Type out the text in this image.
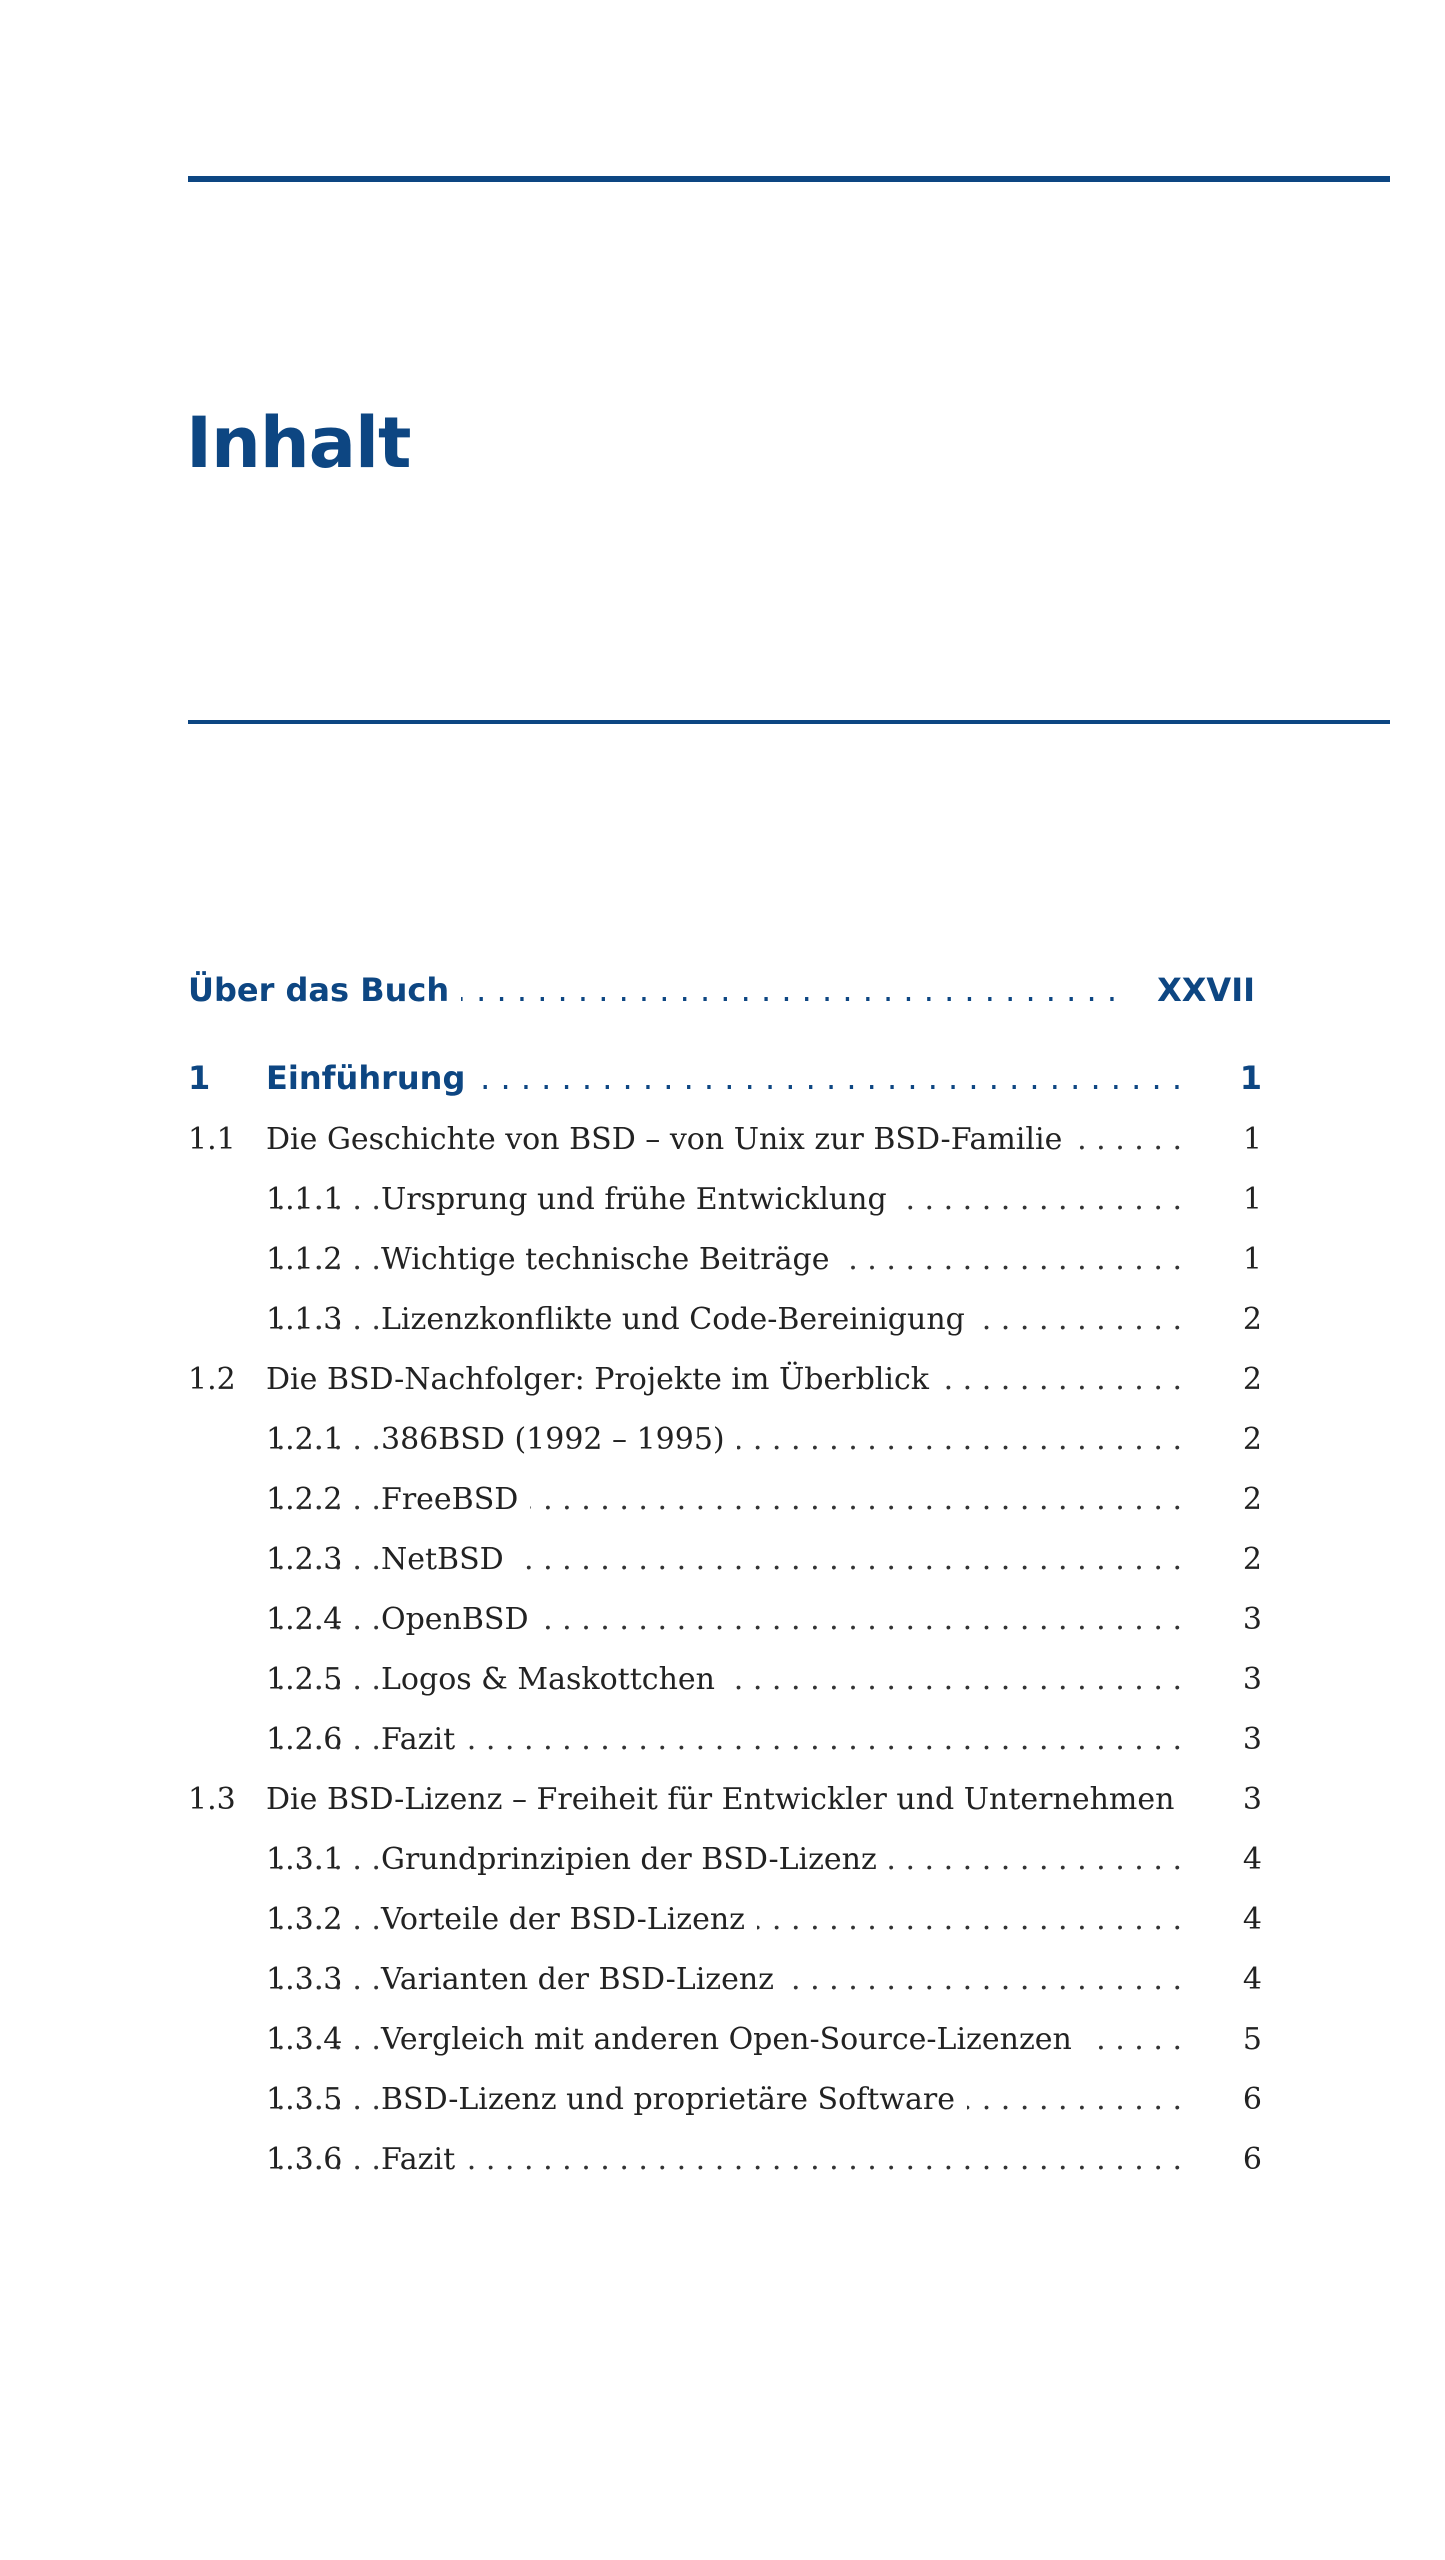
Inhalt
Über das Buch . . .	XXVII
1 Einführung . . .	1
1.1 Die Geschichte von BSD – von Unix zur BSD-Familie . . .	1
1.1.1 Ursprung und frühe Entwicklung . . .	1
1.1.2 Wichtige technische Beiträge . . .	1
1.1.3 Lizenzkonflikte und Code-Bereinigung . . .	2
1.2 Die BSD-Nachfolger: Projekte im Überblick . . .	2
1.2.1 386BSD (1992 – 1995) . . .	2
1.2.2 FreeBSD . . .	2
1.2.3 NetBSD . . .	2
1.2.4 OpenBSD . . .	3
1.2.5 Logos & Maskottchen . . .	3
1.2.6 Fazit . . .	3
1.3 Die BSD-Lizenz – Freiheit für Entwickler und Unternehmen . . .	3
1.3.1 Grundprinzipien der BSD-Lizenz . . .	4
1.3.2 Vorteile der BSD-Lizenz . . .	4
1.3.3 Varianten der BSD-Lizenz . . .	4
1.3.4 Vergleich mit anderen Open-Source-Lizenzen . . .	5
1.3.5 BSD-Lizenz und proprietäre Software . . .	6
1.3.6 Fazit . . .	6
